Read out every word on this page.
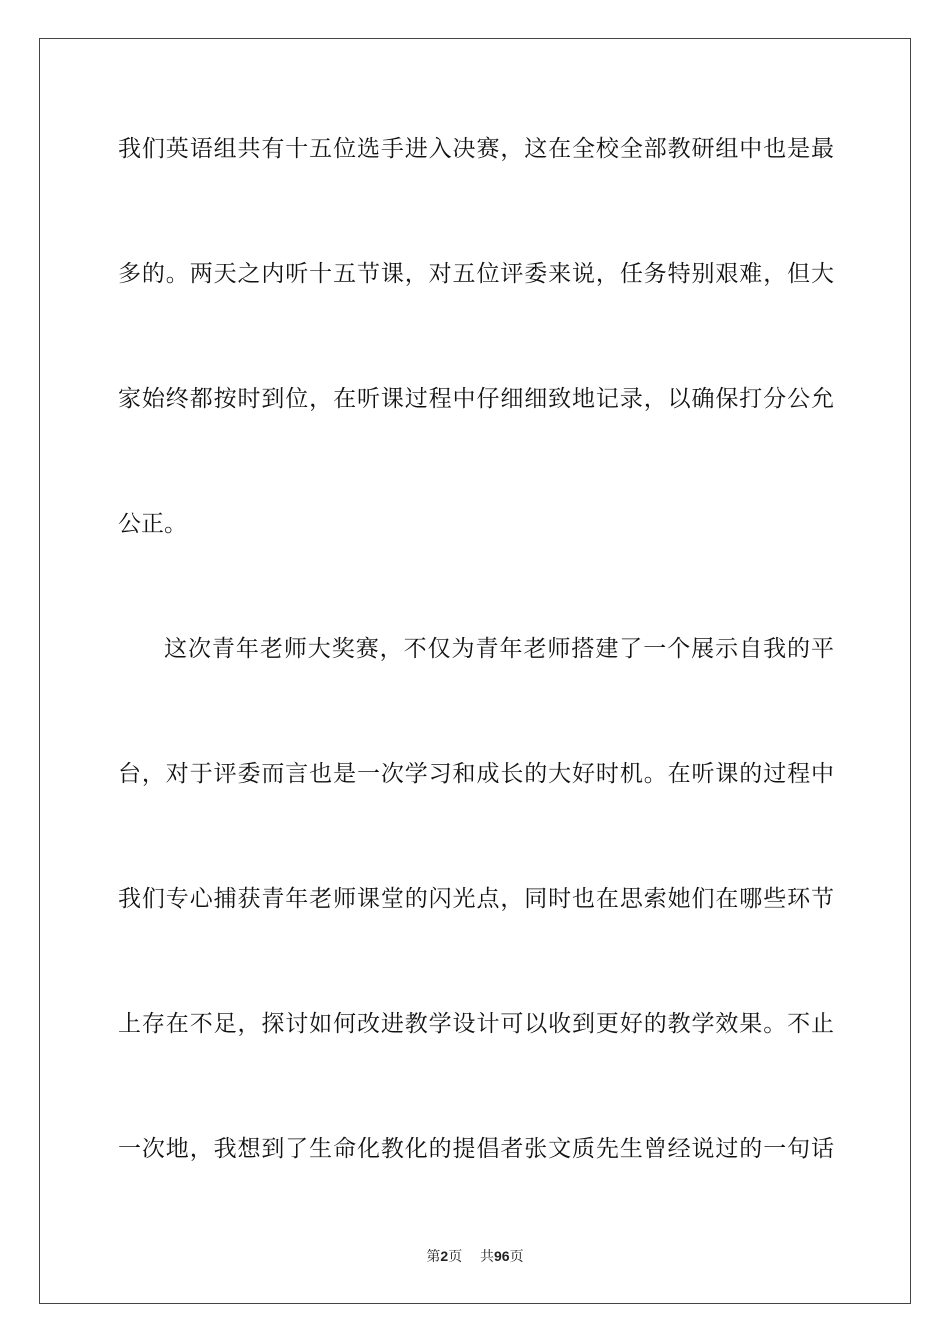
我们英语组共有十五位选手进入决赛，这在全校全部教研组中也是最
多的。两天之内听十五节课，对五位评委来说，任务特别艰难，但大
家始终都按时到位，在听课过程中仔细细致地记录，以确保打分公允
公正。
这次青年老师大奖赛，不仅为青年老师搭建了一个展示自我的平
台，对于评委而言也是一次学习和成长的大好时机。在听课的过程中
我们专心捕获青年老师课堂的闪光点，同时也在思索她们在哪些环节
上存在不足，探讨如何改进教学设计可以收到更好的教学效果。不止
一次地，我想到了生命化教化的提倡者张文质先生曾经说过的一句话
第2页 共96页
